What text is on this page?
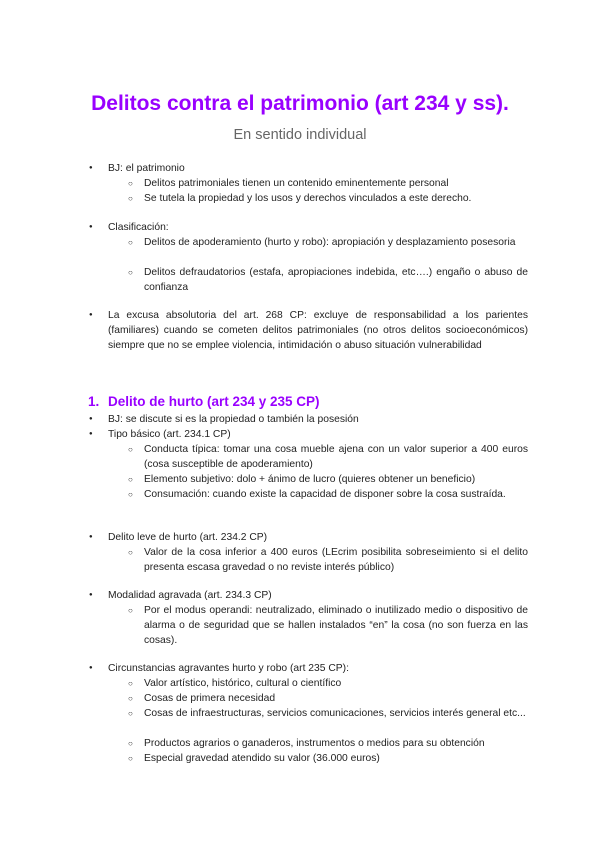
Delitos contra el patrimonio (art 234 y ss).
En sentido individual
● BJ: el patrimonio
○ Delitos patrimoniales tienen un contenido eminentemente personal
○ Se tutela la propiedad y los usos y derechos vinculados a este derecho.
● Clasificación:
○ Delitos de apoderamiento (hurto y robo): apropiación y desplazamiento posesoria
○ Delitos defraudatorios (estafa, apropiaciones indebida, etc….) engaño o abuso de confianza
● La excusa absolutoria del art. 268 CP: excluye de responsabilidad a los parientes (familiares) cuando se cometen delitos patrimoniales (no otros delitos socioeconómicos) siempre que no se emplee violencia, intimidación o abuso situación vulnerabilidad
1. Delito de hurto (art 234 y 235 CP)
● BJ: se discute si es la propiedad o también la posesión
● Tipo básico (art. 234.1 CP)
○ Conducta típica: tomar una cosa mueble ajena con un valor superior a 400 euros (cosa susceptible de apoderamiento)
○ Elemento subjetivo: dolo + ánimo de lucro (quieres obtener un beneficio)
○ Consumación: cuando existe la capacidad de disponer sobre la cosa sustraída.
● Delito leve de hurto (art. 234.2 CP)
○ Valor de la cosa inferior a 400 euros (LEcrim posibilita sobreseimiento si el delito presenta escasa gravedad o no reviste interés público)
● Modalidad agravada (art. 234.3 CP)
○ Por el modus operandi: neutralizado, eliminado o inutilizado medio o dispositivo de alarma o de seguridad que se hallen instalados “en” la cosa (no son fuerza en las cosas).
● Circunstancias agravantes hurto y robo (art 235 CP):
○ Valor artístico, histórico, cultural o científico
○ Cosas de primera necesidad
○ Cosas de infraestructuras, servicios comunicaciones, servicios interés general etc...
○ Productos agrarios o ganaderos, instrumentos o medios para su obtención
○ Especial gravedad atendido su valor (36.000 euros)
